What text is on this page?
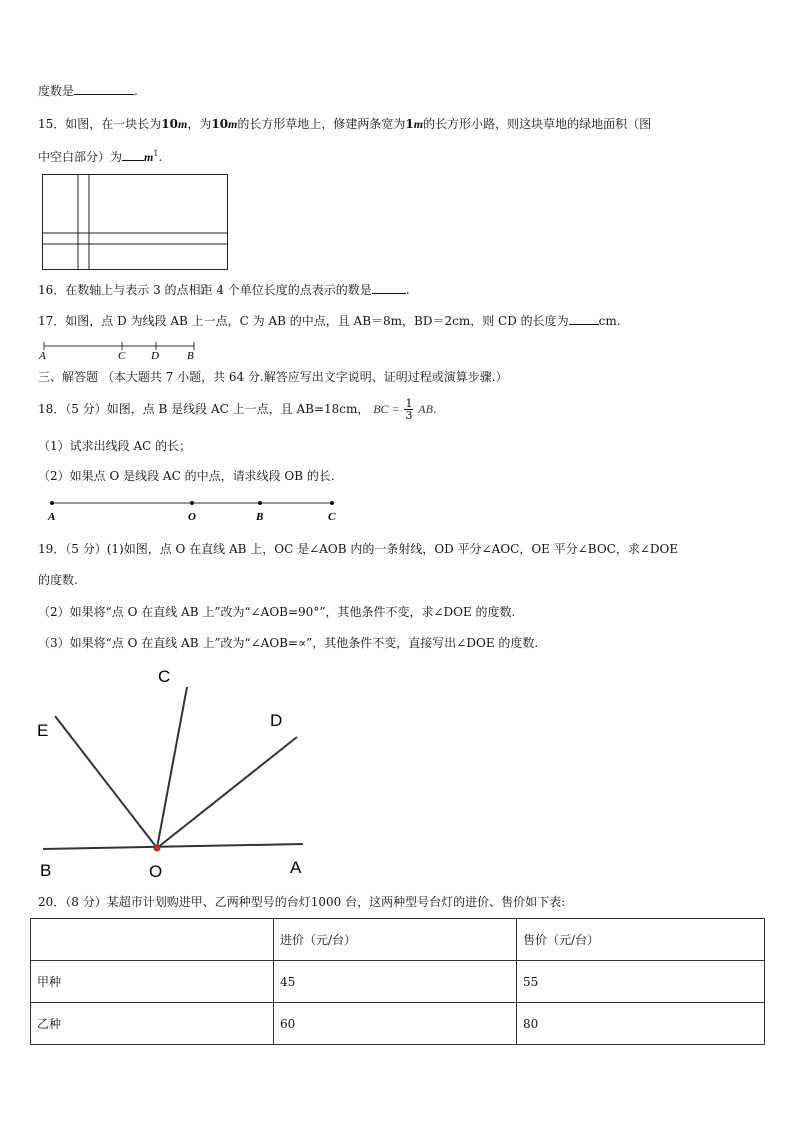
度数是	.
15．如图，在一块长为10m，为10m的长方形草地上，修建两条宽为1m的长方形小路，则这块草地的绿地面积（图
中空白部分）为 $m^1$.
16．在数轴上与表示 3 的点相距 4 个单位长度的点表示的数是	.
17．如图，点 D 为线段 AB 上一点，C 为 AB 的中点，且 AB＝8m，BD＝2cm，则 CD 的长度为	cm.
A	C D	B
三、解答题 （本大题共 7 小题，共 64 分.解答应写出文字说明、证明过程或演算步骤.）
18．（5 分）如图，点 B 是线段 AC 上一点，且 AB=18cm， BC = $\frac{1}{3}$ AB.
（1）试求出线段 AC 的长；
（2）如果点 O 是线段 AC 的中点，请求线段 OB 的长.
A	O	B	C
19．（5 分）(1)如图，点 O 在直线 AB 上，OC 是∠AOB 内的一条射线，OD 平分∠AOC，OE 平分∠BOC，求∠DOE
的度数.
（2）如果将“点 O 在直线 AB 上”改为“∠AOB=90°”，其他条件不变，求∠DOE 的度数.
（3）如果将“点 O 在直线 AB 上”改为“∠AOB=∝”，其他条件不变，直接写出∠DOE 的度数.
C
E
D
B	O	A
20．（8 分）某超市计划购进甲、乙两种型号的台灯1000 台，这两种型号台灯的进价、售价如下表:
	进价（元/台）	售价（元/台）
甲种	45	55
乙种	60	80
